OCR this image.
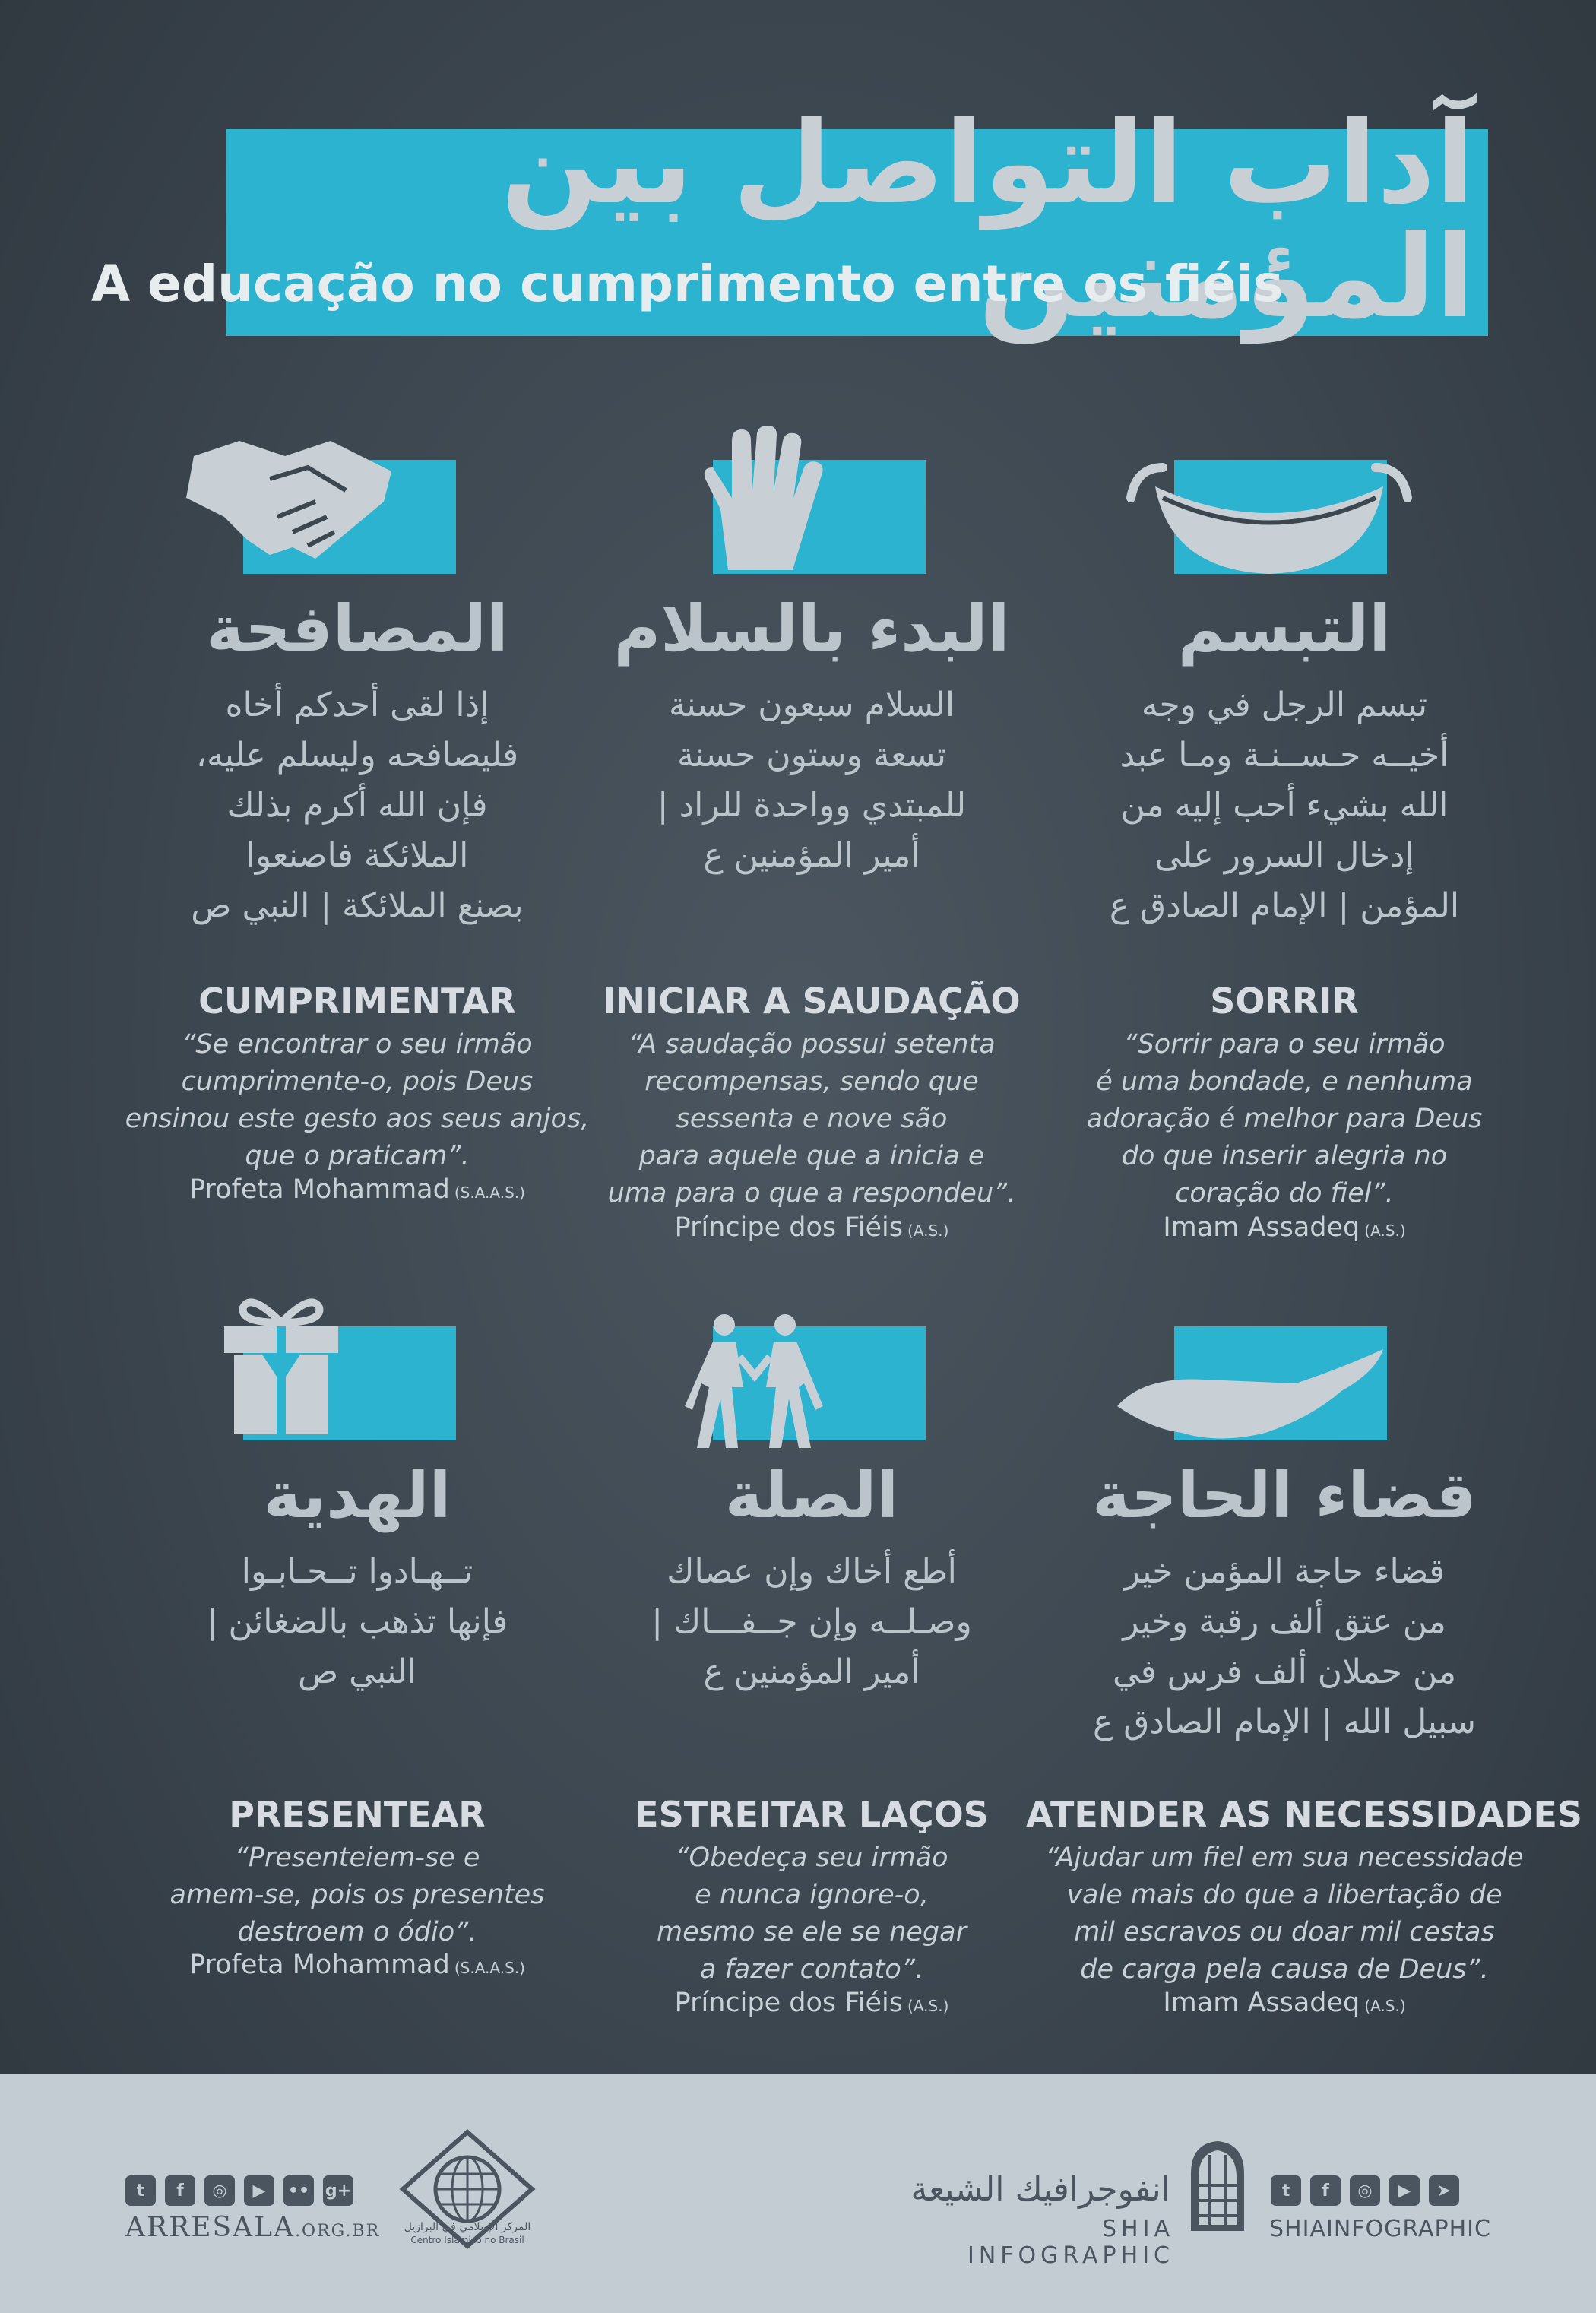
آداب التواصل بين المؤمنين
A educação no cumprimento entre os fiéis
المصافحة
إذا لقى أحدكم أخاه
فليصافحه وليسلم عليه،
فإن الله أكرم بذلك
الملائكة فاصنعوا
بصنع الملائكة | النبي ص
CUMPRIMENTAR
“Se encontrar o seu irmão
cumprimente-o, pois Deus
ensinou este gesto aos seus anjos,
que o praticam”.
Profeta Mohammad (S.A.A.S.)
البدء بالسلام
السلام سبعون حسنة
تسعة وستون حسنة
للمبتدي وواحدة للراد |
أمير المؤمنين ع
INICIAR A SAUDAÇÃO
“A saudação possui setenta
recompensas, sendo que
sessenta e nove são
para aquele que a inicia e
uma para o que a respondeu”.
Príncipe dos Fiéis (A.S.)
التبسم
تبسم الرجل في وجه
أخيــه حـســنـة ومـا عبد
الله بشيء أحب إليه من
إدخال السرور على
المؤمن | الإمام الصادق ع
SORRIR
“Sorrir para o seu irmão
é uma bondade, e nenhuma
adoração é melhor para Deus
do que inserir alegria no
coração do fiel”.
Imam Assadeq (A.S.)
الهدية
تــهـادوا تــحـابـوا
فإنها تذهب بالضغائن |
النبي ص
PRESENTEAR
“Presenteiem-se e
amem-se, pois os presentes
destroem o ódio”.
Profeta Mohammad (S.A.A.S.)
الصلة
أطع أخاك وإن عصاك
وصـلــه وإن جــفـــاك |
أمير المؤمنين ع
ESTREITAR LAÇOS
“Obedeça seu irmão
e nunca ignore-o,
mesmo se ele se negar
a fazer contato”.
Príncipe dos Fiéis (A.S.)
قضاء الحاجة
قضاء حاجة المؤمن خير
من عتق ألف رقبة وخير
من حملان ألف فرس في
سبيل الله | الإمام الصادق ع
ATENDER AS NECESSIDADES
“Ajudar um fiel em sua necessidade
vale mais do que a libertação de
mil escravos ou doar mil cestas
de carga pela causa de Deus”.
Imam Assadeq (A.S.)
t	f	◎	▶	•• g+
ARRESALA.ORG.BR المركز الإسلامي في البرازيل
Centro Islâmico no Brasil
انفوجرافيك الشيعة
SHIA INFOGRAPHIC
t	f	◎	▶	➤
SHIAINFOGRAPHIC
